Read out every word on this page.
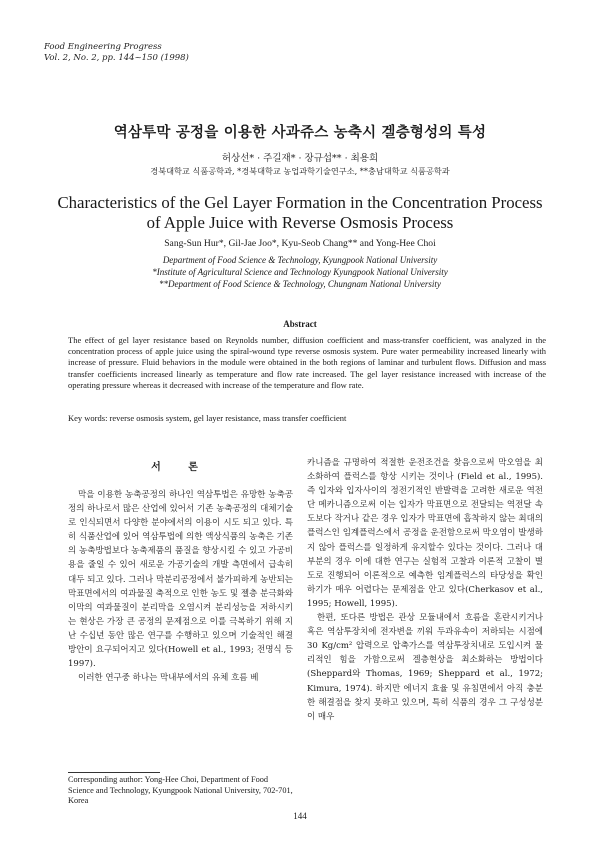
Food Engineering Progress
Vol. 2, No. 2, pp. 144~150 (1998)
역삼투막 공정을 이용한 사과쥬스 농축시 겔층형성의 특성
허상선* · 주길재* · 장규섭** · 최용희
경북대학교 식품공학과, *경북대학교 농업과학기술연구소, **충남대학교 식품공학과
Characteristics of the Gel Layer Formation in the Concentration Process
of Apple Juice with Reverse Osmosis Process
Sang-Sun Hur*, Gil-Jae Joo*, Kyu-Seob Chang** and Yong-Hee Choi
Department of Food Science & Technology, Kyungpook National University
*Institute of Agricultural Science and Technology Kyungpook National University
**Department of Food Science & Technology, Chungnam National University
Abstract
The effect of gel layer resistance based on Reynolds number, diffusion coefficient and mass-transfer coefficient, was analyzed in the concentration process of apple juice using the spiral-wound type reverse osmosis system. Pure water permeability increased linearly with increase of pressure. Fluid behaviors in the module were obtained in the both regions of laminar and turbulent flows. Diffusion and mass transfer coefficients increased linearly as temperature and flow rate increased. The gel layer resistance increased with increase of the operating pressure whereas it decreased with increase of the temperature and flow rate.
Key words: reverse osmosis system, gel layer resistance, mass transfer coefficient
서 론

막을 이용한 농축공정의 하나인 역삼투법은 유망한 농축공정의 하나로서 많은 산업에 있어서 기존 농축공정의 대체기술로 인식되면서 다양한 분야에서의 이용이 시도 되고 있다. 특히 식품산업에 있어 역삼투법에 의한 액상식품의 농축은 기존의 농축방법보다 농축제품의 품질을 향상시킬 수 있고 가공비용을 줄일 수 있어 새로운 가공기술의 개발 측면에서 급속히 대두 되고 있다. 그러나 막분리공정에서 불가피하게 농반되는 막표면에서의 여과물질 축적으로 인한 농도 및 젤층 분극화와 이막의 여과물질이 분리막을 오염시켜 분리성능을 저하시키는 현상은 가장 큰 공정의 문제점으로 이를 극복하기 위해 지난 수십년 동안 많은 연구를 수행하고 있으며 기술적인 해결방안이 요구되어지고 있다(Howell et al., 1993; 전명식 등 1997).

이러한 연구중 하나는 막내부에서의 유체 흐름 베

카니즘을 규명하여 적절한 운전조건을 찾음으로써 막오염을 최소화하여 플럭스를 항상 시키는 것이나 (Field et al., 1995). 즉 입자와 입자사이의 정전기적인 반발력을 고려한 새로운 역전단 메카니즘으로써 이는 입자가 막표면으로 전달되는 역전달 속도보다 작거나 같은 경우 입자가 막표면에 흡착하지 않는 최대의 플럭스인 임계플럭스에서 공정을 운전함으로써 막오염이 발생하지 않아 플럭스를 일정하게 유지할수 있다는 것이다. 그러나 대부분의 경우 이에 대한 연구는 실험적 고찰과 이론적 고찰이 별도로 진행되어 이론적으로 예측한 임계플럭스의 타당성을 확인하기가 매우 어렵다는 문제점을 안고 있다(Cherkasov et al., 1995; Howell, 1995).

한편, 또다른 방법은 관상 모듈내에서 흐름을 혼란시키거나 혹은 역삼투장치에 전자변을 끼워 두과유속이 저하되는 시점에 30 Kg/cm² 압력으로 압축가스를 역삼투장치내로 도입시켜 물리적인 힘을 가함으로써 겔층현상을 최소화하는 방법이다(Sheppard와 Thomas, 1969; Sheppard et al., 1972; Kimura, 1974). 하지만 에너지 효율 및 유침면에서 아직 충분한 해결점을 찾지 못하고 있으며, 특히 식품의 경우 그 구성성분이 매우

Corresponding author: Yong-Hee Choi, Department of Food Science and Technology, Kyungpook National University, 702-701, Korea
144
